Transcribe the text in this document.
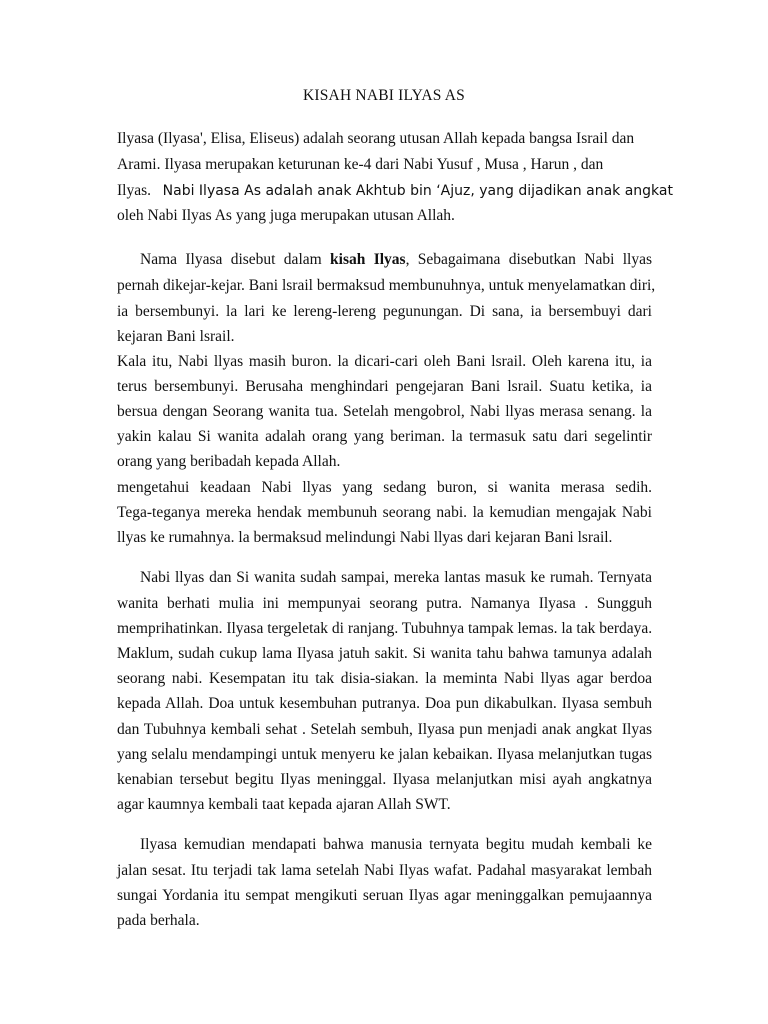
KISAH NABI ILYAS AS
Ilyasa (Ilyasa', Elisa, Eliseus) adalah seorang utusan Allah kepada bangsa Israil dan
Arami. Ilyasa merupakan keturunan ke-4 dari Nabi Yusuf , Musa , Harun , dan
Ilyas. Nabi Ilyasa As adalah anak Akhtub bin ‘Ajuz, yang dijadikan anak angkat
oleh Nabi Ilyas As yang juga merupakan utusan Allah.
Nama Ilyasa disebut dalam kisah Ilyas, Sebagaimana disebutkan Nabi llyas
pernah dikejar-kejar. Bani lsrail bermaksud membunuhnya, untuk menyelamatkan diri,
ia bersembunyi. la lari ke lereng-lereng pegunungan. Di sana, ia bersembuyi dari
kejaran Bani lsrail.
Kala itu, Nabi llyas masih buron. la dicari-cari oleh Bani lsrail. Oleh karena itu, ia
terus bersembunyi. Berusaha menghindari pengejaran Bani lsrail. Suatu ketika, ia
bersua dengan Seorang wanita tua. Setelah mengobrol, Nabi llyas merasa senang. la
yakin kalau Si wanita adalah orang yang beriman. la termasuk satu dari segelintir
orang yang beribadah kepada Allah.
mengetahui keadaan Nabi llyas yang sedang buron, si wanita merasa sedih.
Tega-teganya mereka hendak membunuh seorang nabi. la kemudian mengajak Nabi
llyas ke rumahnya. la bermaksud melindungi Nabi llyas dari kejaran Bani lsrail.
Nabi llyas dan Si wanita sudah sampai, mereka lantas masuk ke rumah. Ternyata
wanita berhati mulia ini mempunyai seorang putra. Namanya Ilyasa . Sungguh
memprihatinkan. Ilyasa tergeletak di ranjang. Tubuhnya tampak lemas. la tak berdaya.
Maklum, sudah cukup lama Ilyasa jatuh sakit. Si wanita tahu bahwa tamunya adalah
seorang nabi. Kesempatan itu tak disia-siakan. la meminta Nabi llyas agar berdoa
kepada Allah. Doa untuk kesembuhan putranya. Doa pun dikabulkan. Ilyasa sembuh
dan Tubuhnya kembali sehat . Setelah sembuh, Ilyasa pun menjadi anak angkat Ilyas
yang selalu mendampingi untuk menyeru ke jalan kebaikan. Ilyasa melanjutkan tugas
kenabian tersebut begitu Ilyas meninggal. Ilyasa melanjutkan misi ayah angkatnya
agar kaumnya kembali taat kepada ajaran Allah SWT.
Ilyasa kemudian mendapati bahwa manusia ternyata begitu mudah kembali ke
jalan sesat. Itu terjadi tak lama setelah Nabi Ilyas wafat. Padahal masyarakat lembah
sungai Yordania itu sempat mengikuti seruan Ilyas agar meninggalkan pemujaannya
pada berhala.
